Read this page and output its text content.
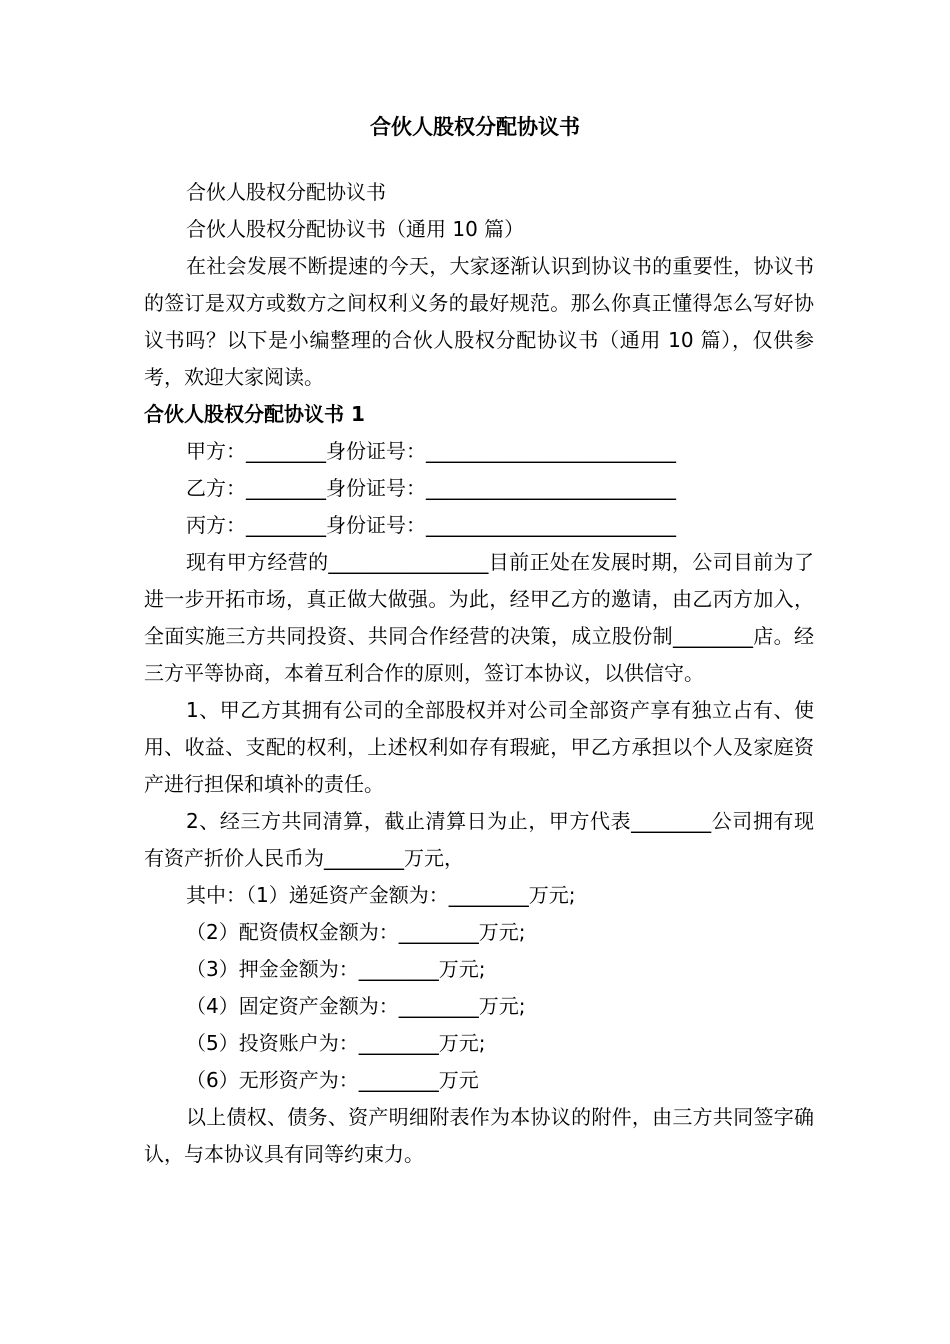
合伙人股权分配协议书

合伙人股权分配协议书

合伙人股权分配协议书（通用 10 篇）

在社会发展不断提速的今天，大家逐渐认识到协议书的重要性，协议书的签订是双方或数方之间权利义务的最好规范。那么你真正懂得怎么写好协议书吗？以下是小编整理的合伙人股权分配协议书（通用 10 篇），仅供参考，欢迎大家阅读。

合伙人股权分配协议书 1

甲方：________身份证号：_________________________

乙方：________身份证号：_________________________

丙方：________身份证号：_________________________

现有甲方经营的________________目前正处在发展时期，公司目前为了进一步开拓市场，真正做大做强。为此，经甲乙方的邀请，由乙丙方加入，全面实施三方共同投资、共同合作经营的决策，成立股份制________店。经三方平等协商，本着互利合作的原则，签订本协议，以供信守。

1、甲乙方其拥有公司的全部股权并对公司全部资产享有独立占有、使用、收益、支配的权利，上述权利如存有瑕疵，甲乙方承担以个人及家庭资产进行担保和填补的责任。

2、经三方共同清算，截止清算日为止，甲方代表________公司拥有现有资产折价人民币为________万元，

其中：（1）递延资产金额为：________万元;

（2）配资债权金额为：________万元;

（3）押金金额为：________万元;

（4）固定资产金额为：________万元;

（5）投资账户为：________万元;

（6）无形资产为：________万元

以上债权、债务、资产明细附表作为本协议的附件，由三方共同签字确认，与本协议具有同等约束力。
